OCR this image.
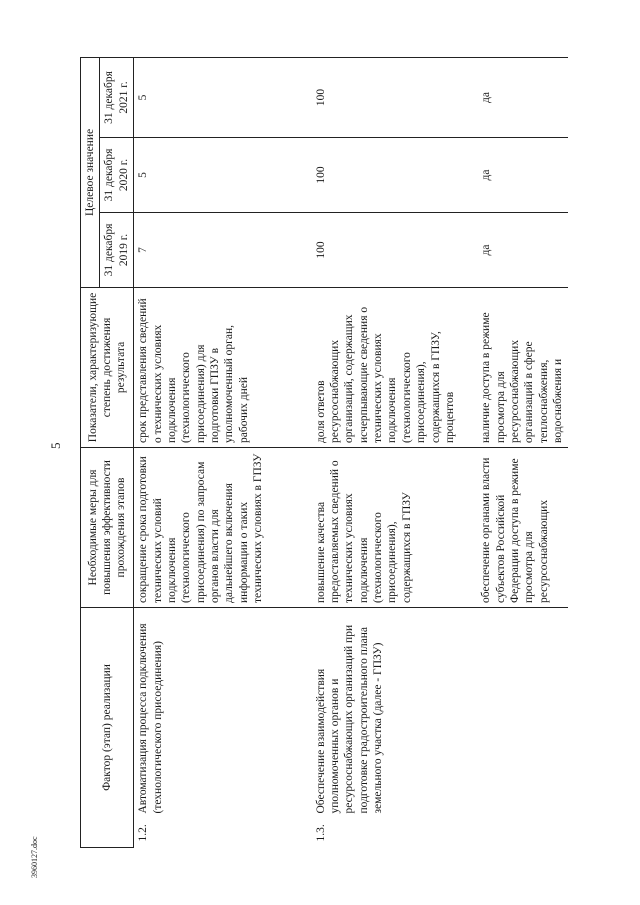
5
Фактор (этап) реализации		Необходимые меры для повышения эффективности прохождения этапов	Показатели, характеризующие степень достижения результата	Целевое значение		
				31 декабря 2019 г.	31 декабря 2020 г.	31 декабря 2021 г.
1.2.	Автоматизация процесса подключения (технологического присоединения)	сокращение срока подготовки технических условий подключения (технологического присоединения) по запросам органов власти для дальнейшего включения информации о таких технических условиях в ГПЗУ	срок представления сведений о технических условиях подключения (технологического присоединения) для подготовки ГПЗУ в уполномоченный орган, рабочих дней	7	5	5

1.3.	Обеспечение взаимодействия уполномоченных органов и ресурсоснабжающих организаций при подготовке градостроительного плана земельного участка (далее - ГПЗУ)	повышение качества предоставляемых сведений о технических условиях подключения (технологического присоединения), содержащихся в ГПЗУ	доля ответов ресурсоснабжающих организаций, содержащих исчерпывающие сведения о технических условиях подключения (технологического присоединения), содержащихся в ГПЗУ, процентов	100	100	100

		обеспечение органами власти субъектов Российской Федерации доступа в режиме просмотра для ресурсоснабжающих	наличие доступа в режиме просмотра для ресурсоснабжающих организаций в сфере теплоснабжения, водоснабжения и	да	да	да
3960127.doc
